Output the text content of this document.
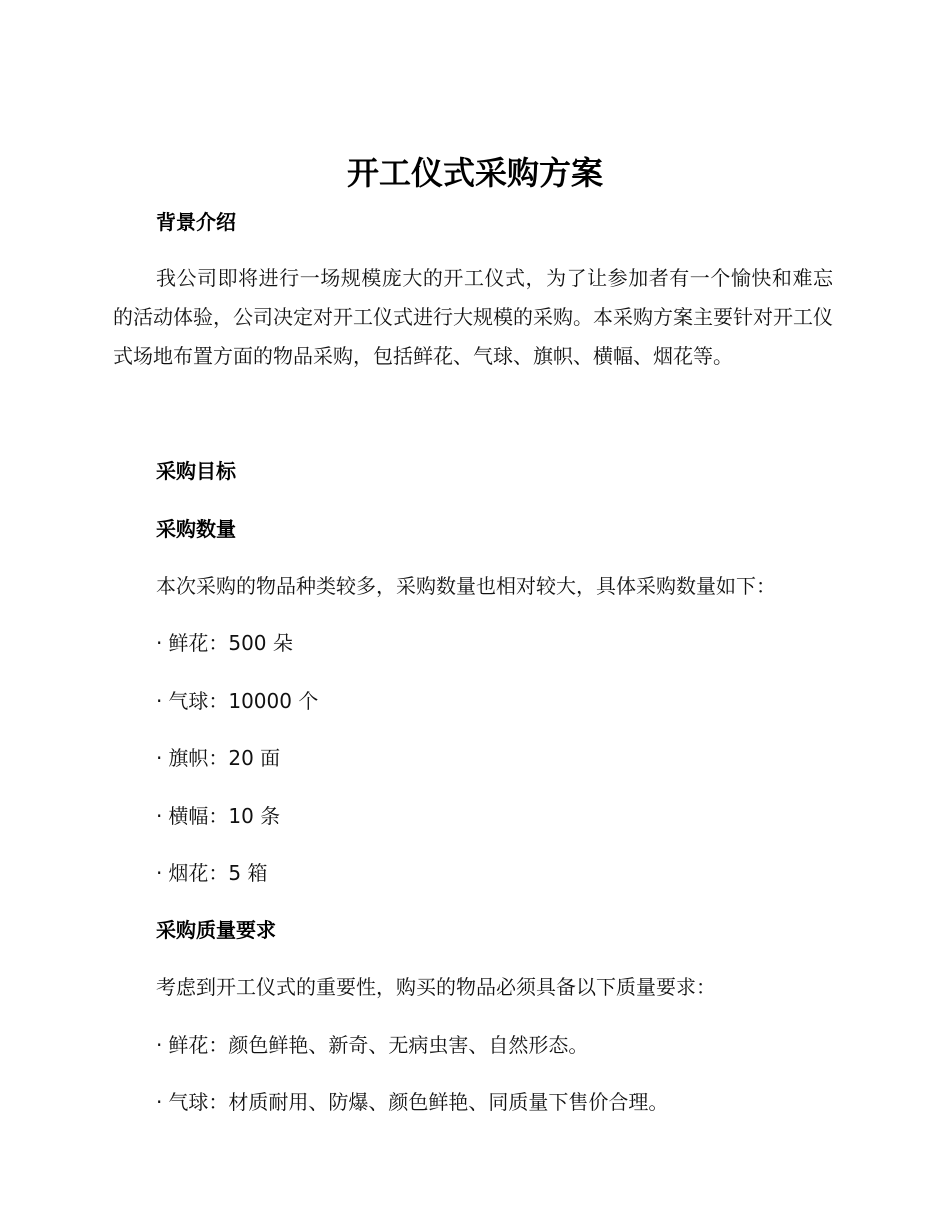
开工仪式采购方案
背景介绍

我公司即将进行一场规模庞大的开工仪式，为了让参加者有一个愉快和难忘的活动体验，公司决定对开工仪式进行大规模的采购。本采购方案主要针对开工仪式场地布置方面的物品采购，包括鲜花、气球、旗帜、横幅、烟花等。

采购目标
采购数量
本次采购的物品种类较多，采购数量也相对较大，具体采购数量如下：
· 鲜花：500 朵
· 气球：10000 个
· 旗帜：20 面
· 横幅：10 条
· 烟花：5 箱
采购质量要求
考虑到开工仪式的重要性，购买的物品必须具备以下质量要求：
· 鲜花：颜色鲜艳、新奇、无病虫害、自然形态。
· 气球：材质耐用、防爆、颜色鲜艳、同质量下售价合理。
